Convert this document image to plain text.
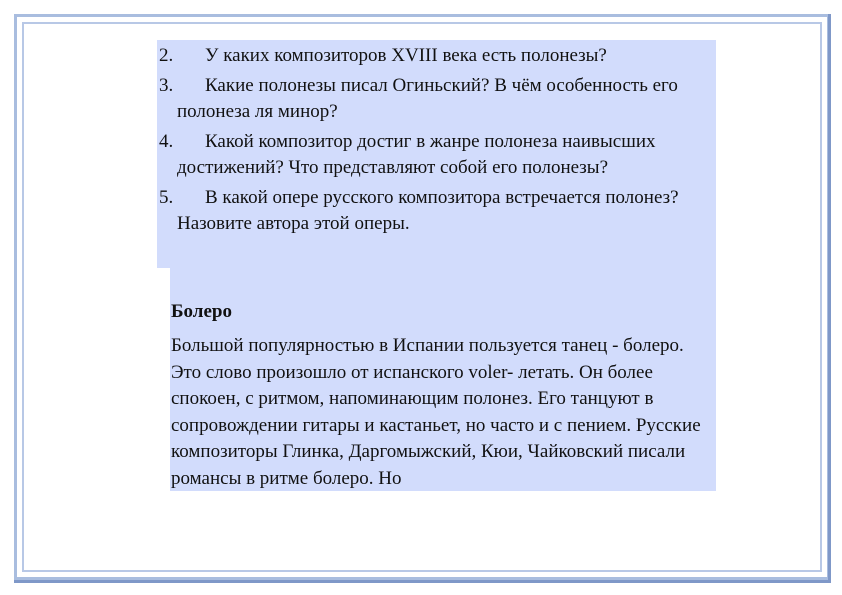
2. У каких композиторов XVIII века есть полонезы?
3. Какие полонезы писал Огиньский? В чём особенность его полонеза ля минор?
4. Какой композитор достиг в жанре полонеза наивысших достижений? Что представляют собой его полонезы?
5. В какой опере русского композитора встречается полонез? Назовите автора этой оперы.
Болеро

Большой популярностью в Испании пользуется танец - болеро. Это слово произошло от испанского voler- летать. Он более спокоен, с ритмом, напоминающим полонез. Его танцуют в сопровождении гитары и кастаньет, но часто и с пением. Русские композиторы Глинка, Даргомыжский, Кюи, Чайковский писали романсы в ритме болеро. Но
